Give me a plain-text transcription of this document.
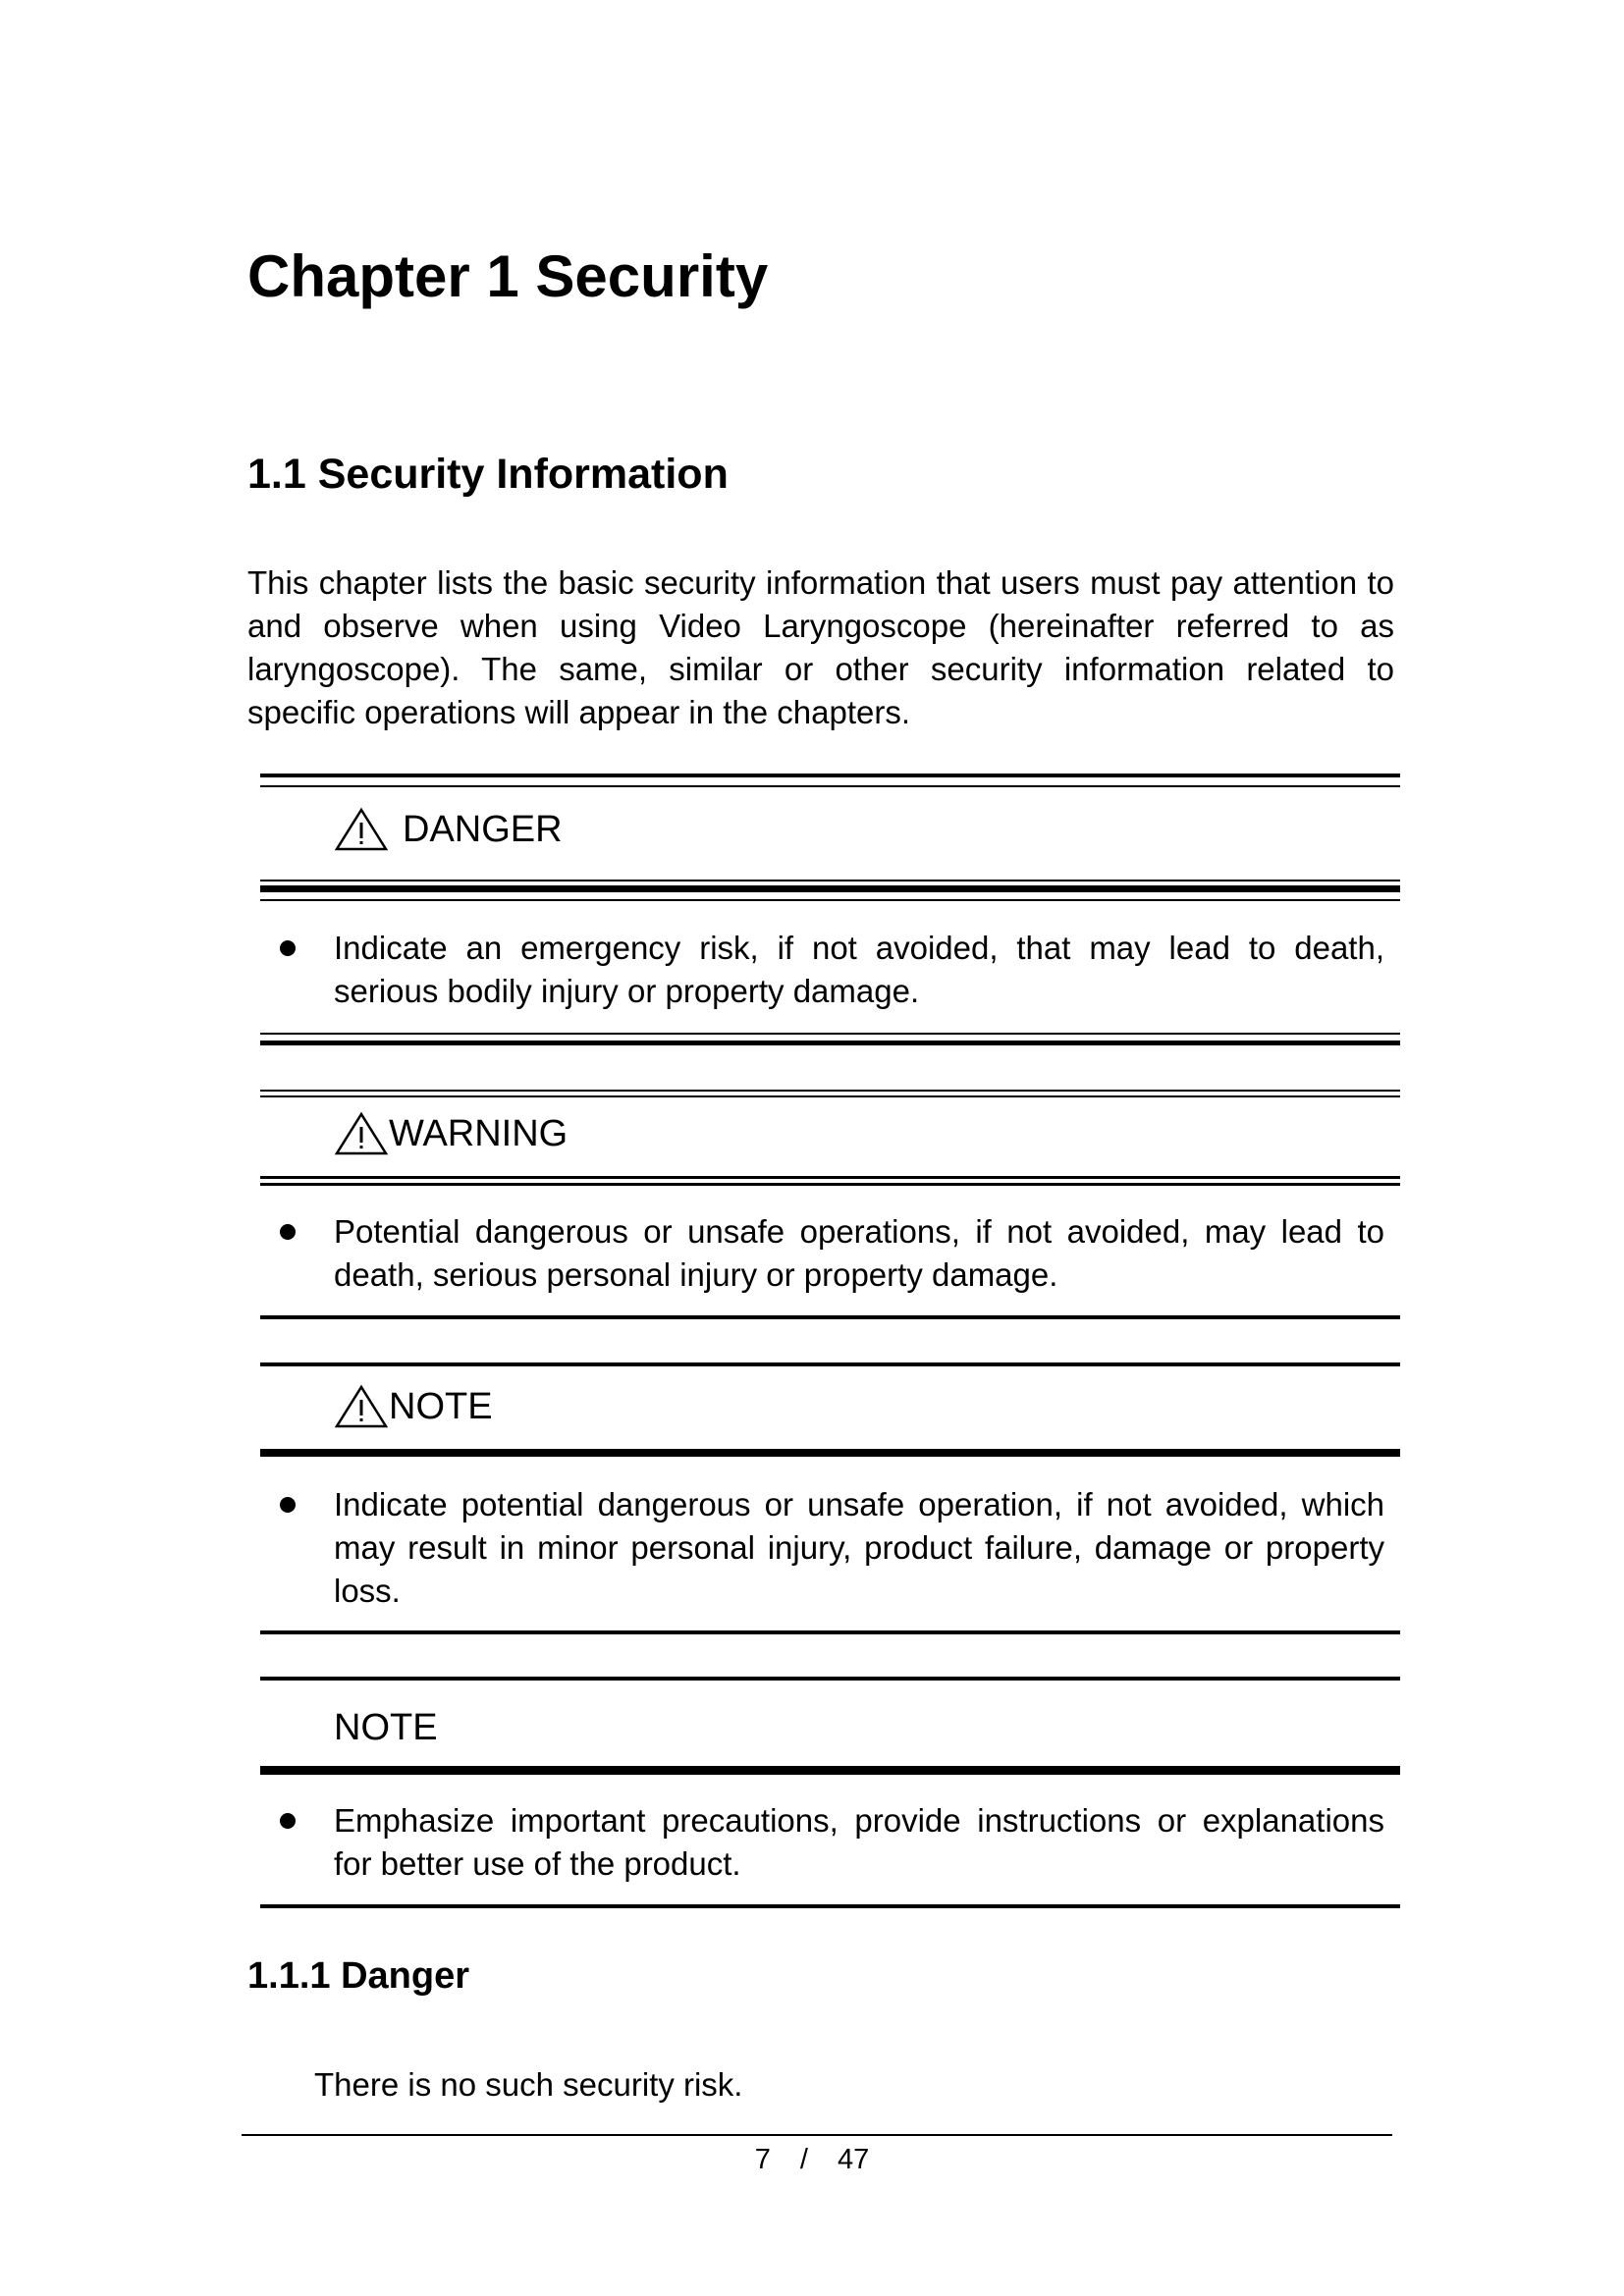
Chapter 1 Security
1.1 Security Information

This chapter lists the basic security information that users must pay attention to and observe when using Video Laryngoscope (hereinafter referred to as laryngoscope). The same, similar or other security information related to specific operations will appear in the chapters.

DANGER

Indicate an emergency risk, if not avoided, that may lead to death, serious bodily injury or property damage.

WARNING

Potential dangerous or unsafe operations, if not avoided, may lead to death, serious personal injury or property damage.

NOTE

Indicate potential dangerous or unsafe operation, if not avoided, which may result in minor personal injury, product failure, damage or property loss.

NOTE

Emphasize important precautions, provide instructions or explanations for better use of the product.

1.1.1 Danger

There is no such security risk.

7 / 47
